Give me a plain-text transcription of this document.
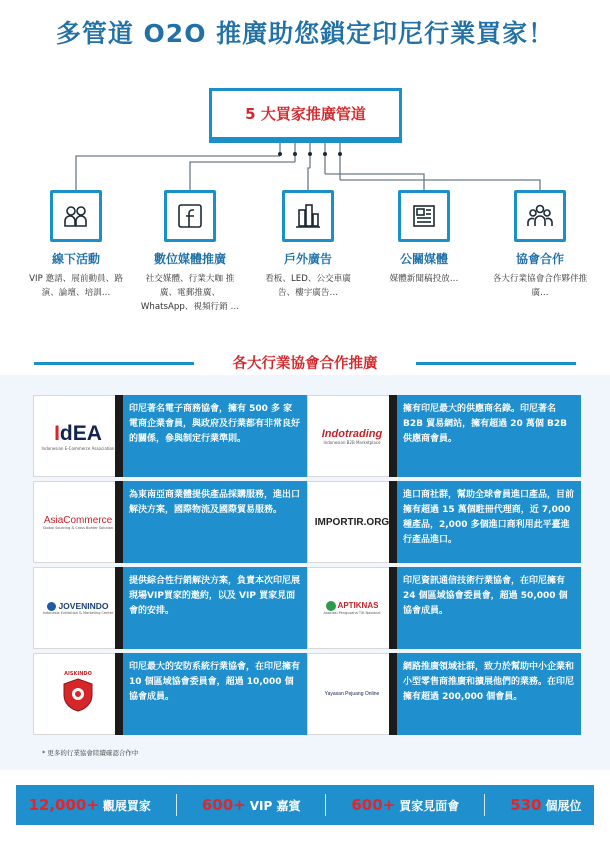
多管道 O2O 推廣助您鎖定印尼行業買家！
5 大買家推廣管道
線下活動
VIP 邀請、展前動員、路演、論壇、培訓…
數位媒體推廣
社交媒體、行業大咖 推廣、電郵推廣、WhatsApp、視頻行銷 …
戶外廣告
看板、LED、公交車廣告、樓宇廣告…
公關媒體
媒體新聞稿投放…
協會合作
各大行業協會合作夥伴推廣…
各大行業協會合作推廣
IdEA
Indonesian E-Commerce Association
印尼著名電子商務協會，擁有 500 多 家電商企業會員，與政府及行業都有非常良好的關係，參與制定行業準則。	Indotrading
Indonesian B2B Marketplace
擁有印尼最大的供應商名錄。印尼著名 B2B 貿易網站，擁有超過 20 萬個 B2B 供應商會員。
AsiaCommerce
Global Sourcing & Cross Border Solution
為東南亞商業體提供產品採購服務，進出口解決方案，國際物流及國際貿易服務。
IMPORTIR.ORG
進口商社群，幫助全球會員進口產品，目前擁有超過 15 萬個駐冊代理商，近 7,000 種產品，2,000 多個進口商利用此平臺進行產品進口。
JOVENINDO
Indonesia Exhibition & Marketing Center
提供綜合性行銷解決方案，負責本次印尼展現場VIP買家的邀約，以及 VIP 買家見面會的安排。
APTIKNAS
Asosiasi Pengusaha TIK Nasional
印尼資訊通信技術行業協會，在印尼擁有 24 個區域協會委員會，超過 50,000 個協會成員。
AISKINDO
印尼最大的安防系統行業協會，在印尼擁有 10 個區域協會委員會，超過 10,000 個協會成員。	Yayasan Pejuang Online
網路推廣領域社群，致力於幫助中小企業和小型零售商推廣和擴展他們的業務。在印尼擁有超過 200,000 個會員。
* 更多的行業協會陸續確認合作中
12,000+ 觀展買家	600+ VIP 嘉賓	600+ 買家見面會	530 個展位
